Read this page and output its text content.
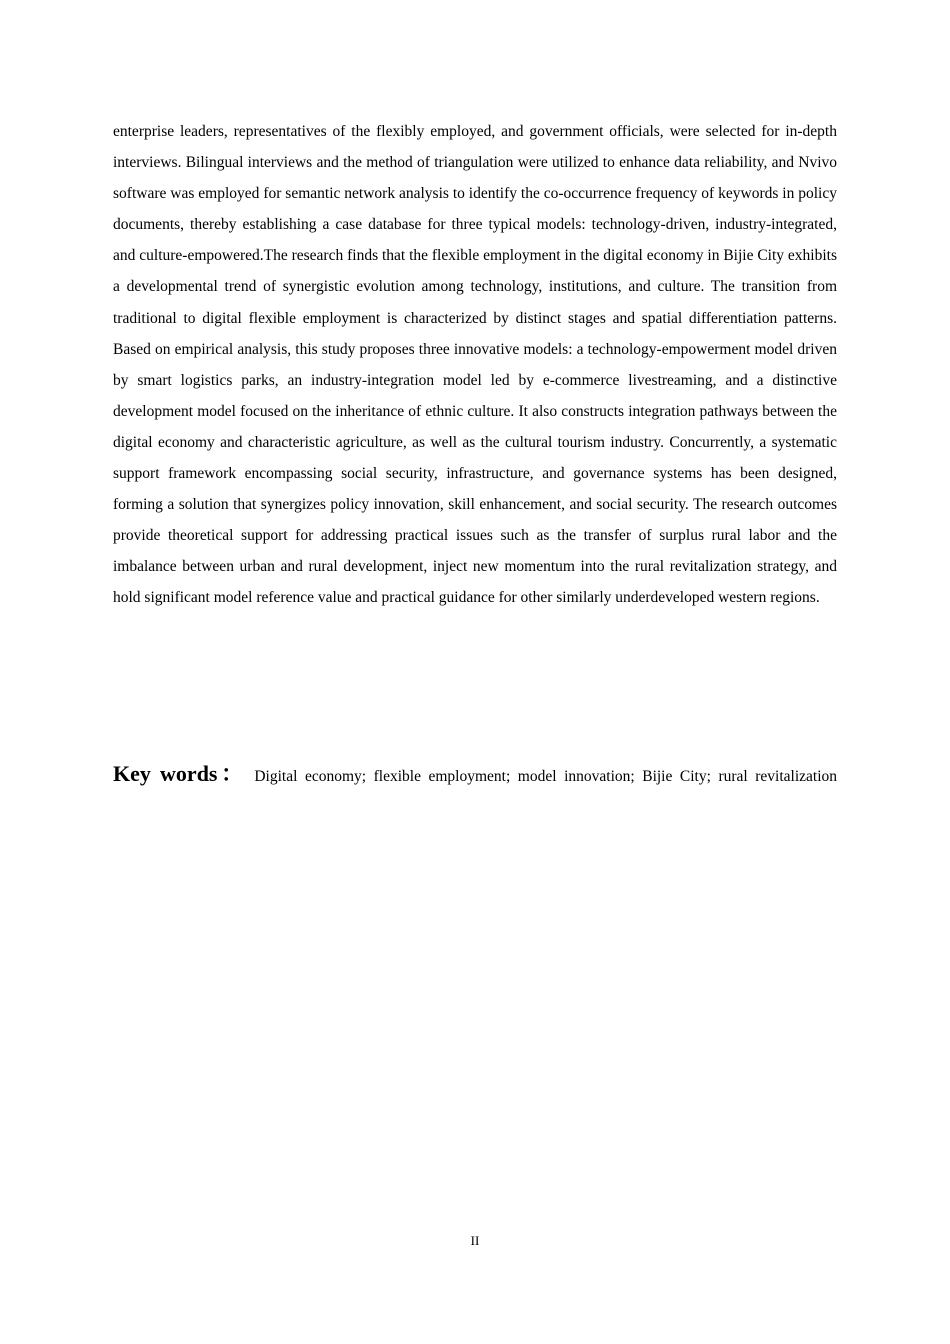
enterprise leaders, representatives of the flexibly employed, and government officials, were selected for in-depth interviews. Bilingual interviews and the method of triangulation were utilized to enhance data reliability, and Nvivo software was employed for semantic network analysis to identify the co-occurrence frequency of keywords in policy documents, thereby establishing a case database for three typical models: technology-driven, industry-integrated, and culture-empowered.The research finds that the flexible employment in the digital economy in Bijie City exhibits a developmental trend of synergistic evolution among technology, institutions, and culture. The transition from traditional to digital flexible employment is characterized by distinct stages and spatial differentiation patterns. Based on empirical analysis, this study proposes three innovative models: a technology-empowerment model driven by smart logistics parks, an industry-integration model led by e-commerce livestreaming, and a distinctive development model focused on the inheritance of ethnic culture. It also constructs integration pathways between the digital economy and characteristic agriculture, as well as the cultural tourism industry. Concurrently, a systematic support framework encompassing social security, infrastructure, and governance systems has been designed, forming a solution that synergizes policy innovation, skill enhancement, and social security. The research outcomes provide theoretical support for addressing practical issues such as the transfer of surplus rural labor and the imbalance between urban and rural development, inject new momentum into the rural revitalization strategy, and hold significant model reference value and practical guidance for other similarly underdeveloped western regions.

Key words： Digital economy; flexible employment; model innovation; Bijie City; rural revitalization

II
